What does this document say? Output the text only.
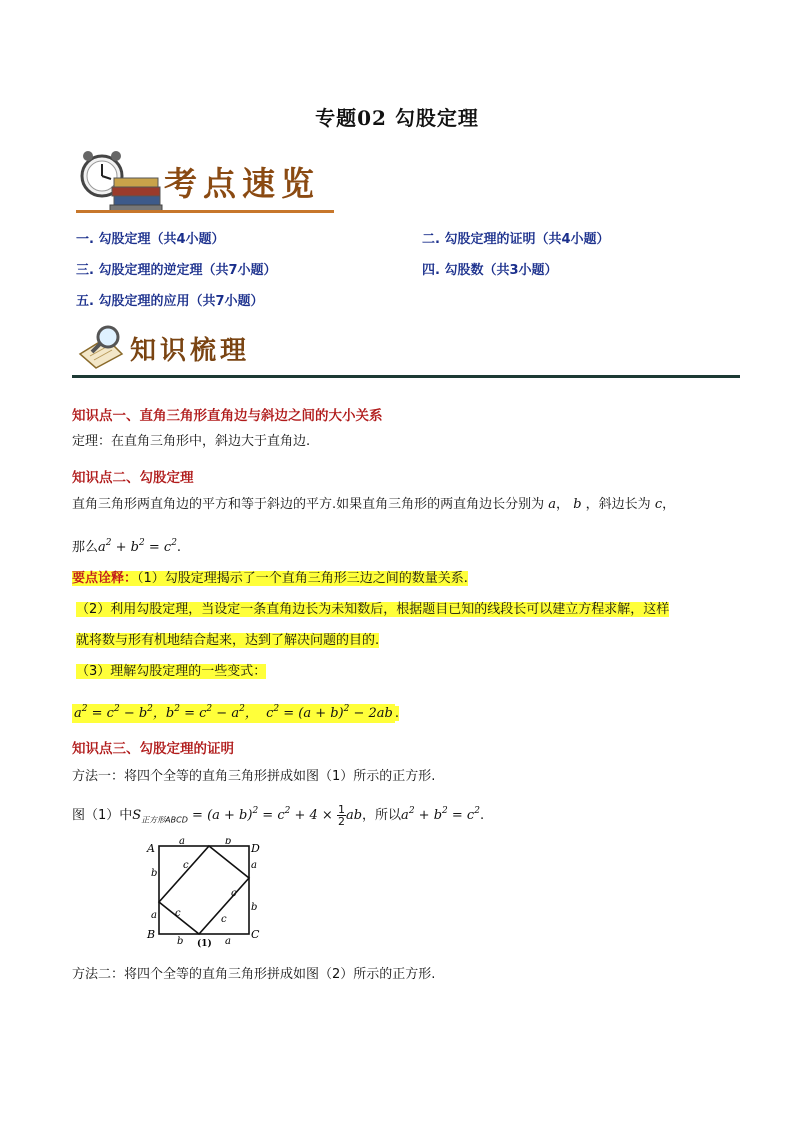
专题02 勾股定理
考点速览
一. 勾股定理（共4小题）	二. 勾股定理的证明（共4小题）
三. 勾股定理的逆定理（共7小题）	四. 勾股数（共3小题）
五. 勾股定理的应用（共7小题）
知识梳理
知识点一、直角三角形直角边与斜边之间的大小关系
定理：在直角三角形中，斜边大于直角边.
知识点二、勾股定理
直角三角形两直角边的平方和等于斜边的平方.如果直角三角形的两直角边长分别为 a， b ，斜边长为 c，
那么$a^2 + b^2 = c^2$.
要点诠释：（1）勾股定理揭示了一个直角三角形三边之间的数量关系.
（2）利用勾股定理，当设定一条直角边长为未知数后，根据题目已知的线段长可以建立方程求解，这样
就将数与形有机地结合起来，达到了解决问题的目的.
（3）理解勾股定理的一些变式：
$a^2 = c^2 - b^2$，$b^2 = c^2 - a^2$，  $c^2 = (a + b)^2 - 2ab$ .
知识点三、勾股定理的证明
方法一：将四个全等的直角三角形拼成如图（1）所示的正方形.
图（1）中$S_{正方形ABCD} = (a + b)^2 = c^2 + 4 \times \frac{1}{2}$ ab，所以$a^2 + b^2 = c^2$.
A
B	C
D
a	b
a
b
a
b
a
b
c
c
c
c
(1)
方法二：将四个全等的直角三角形拼成如图（2）所示的正方形.
